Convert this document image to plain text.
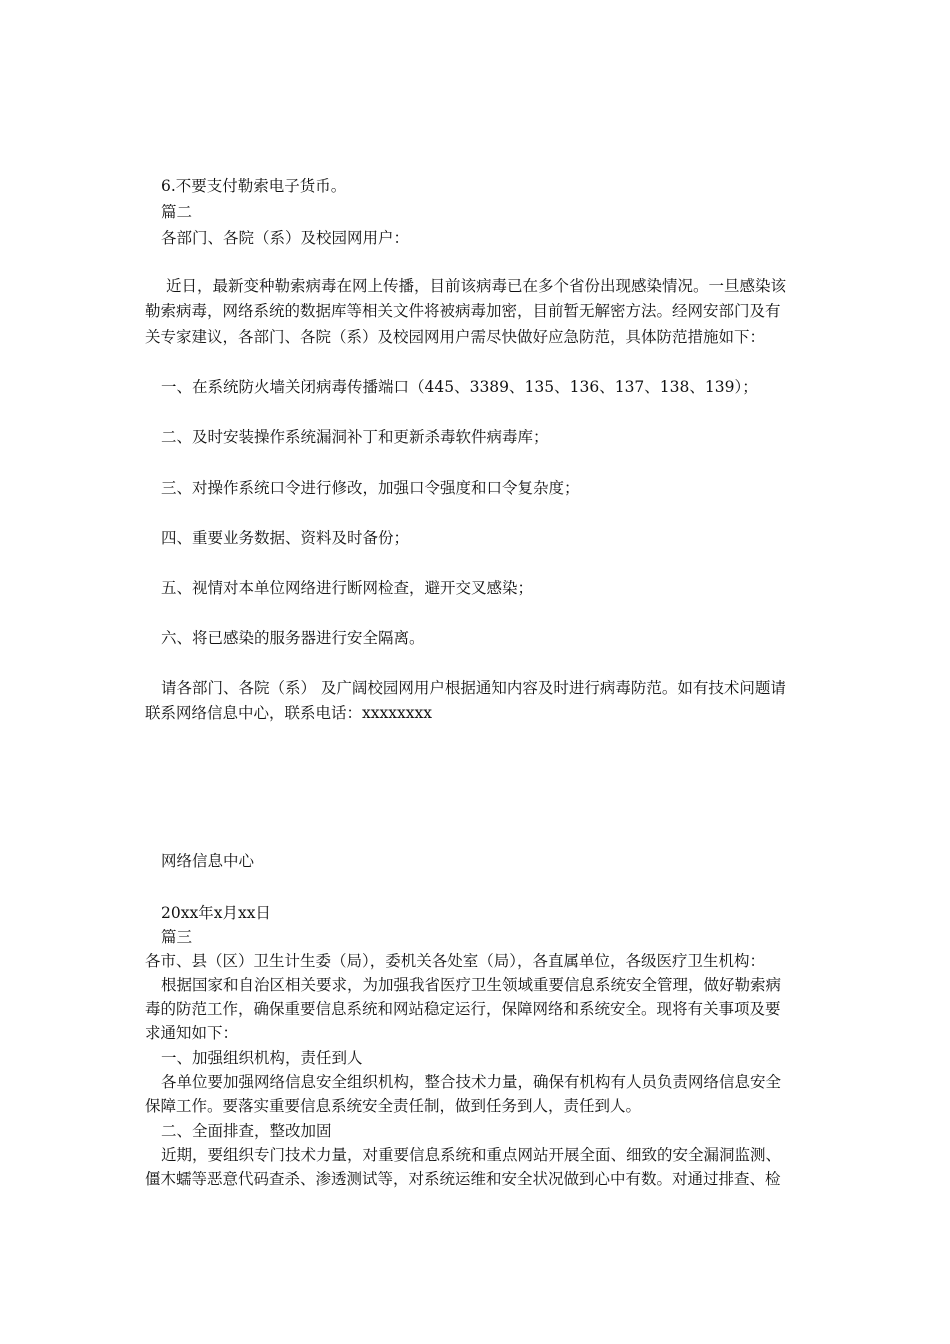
6.不要支付勒索电子货币。
篇二
各部门、各院（系）及校园网用户：
近日，最新变种勒索病毒在网上传播，目前该病毒已在多个省份出现感染情况。一旦感染该
勒索病毒，网络系统的数据库等相关文件将被病毒加密，目前暂无解密方法。经网安部门及有
关专家建议，各部门、各院（系）及校园网用户需尽快做好应急防范，具体防范措施如下：
一、在系统防火墙关闭病毒传播端口（445、3389、135、136、137、138、139）；
二、及时安装操作系统漏洞补丁和更新杀毒软件病毒库；
三、对操作系统口令进行修改，加强口令强度和口令复杂度；
四、重要业务数据、资料及时备份；
五、视情对本单位网络进行断网检查，避开交叉感染；
六、将已感染的服务器进行安全隔离。
请各部门、各院（系） 及广阔校园网用户根据通知内容及时进行病毒防范。如有技术问题请
联系网络信息中心，联系电话：xxxxxxxx
网络信息中心
20xx年x月xx日
篇三
各市、县（区）卫生计生委（局），委机关各处室（局），各直属单位，各级医疗卫生机构：
根据国家和自治区相关要求，为加强我省医疗卫生领域重要信息系统安全管理，做好勒索病
毒的防范工作，确保重要信息系统和网站稳定运行，保障网络和系统安全。现将有关事项及要
求通知如下：
一、加强组织机构，责任到人
各单位要加强网络信息安全组织机构，整合技术力量，确保有机构有人员负责网络信息安全
保障工作。要落实重要信息系统安全责任制，做到任务到人，责任到人。
二、全面排查，整改加固
近期，要组织专门技术力量，对重要信息系统和重点网站开展全面、细致的安全漏洞监测、
僵木蠕等恶意代码查杀、渗透测试等，对系统运维和安全状况做到心中有数。对通过排查、检
